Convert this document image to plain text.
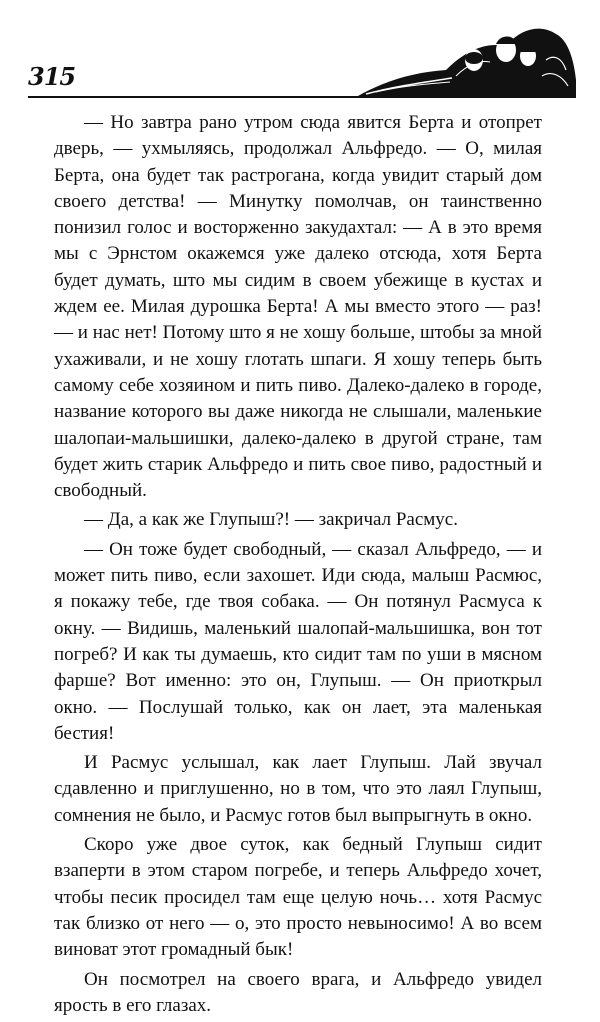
315

— Но завтра рано утром сюда явится Берта и отопрет дверь, — ухмыляясь, продолжал Альфредо. — О, милая Берта, она будет так растрогана, когда увидит старый дом своего детства! — Минутку помолчав, он таинственно понизил голос и восторженно закудахтал: — А в это время мы с Эрнстом окажемся уже далеко отсюда, хотя Берта будет думать, што мы сидим в своем убежище в кустах и ждем ее. Милая дурошка Берта! А мы вместо этого — раз! — и нас нет! Потому што я не хошу больше, штобы за мной ухаживали, и не хошу глотать шпаги. Я хошу теперь быть самому себе хозяином и пить пиво. Далеко-далеко в городе, название которого вы даже никогда не слышали, маленькие шалопаи-мальшишки, далеко-далеко в другой стране, там будет жить старик Альфредо и пить свое пиво, радостный и свободный.

— Да, а как же Глупыш?! — закричал Расмус.

— Он тоже будет свободный, — сказал Альфредо, — и может пить пиво, если захошет. Иди сюда, малыш Расмюс, я покажу тебе, где твоя собака. — Он потянул Расмуса к окну. — Видишь, маленький шалопай-мальшишка, вон тот погреб? И как ты думаешь, кто сидит там по уши в мясном фарше? Вот именно: это он, Глупыш. — Он приоткрыл окно. — Послушай только, как он лает, эта маленькая бестия!

И Расмус услышал, как лает Глупыш. Лай звучал сдавленно и приглушенно, но в том, что это лаял Глупыш, сомнения не было, и Расмус готов был выпрыгнуть в окно.

Скоро уже двое суток, как бедный Глупыш сидит взаперти в этом старом погребе, и теперь Альфредо хочет, чтобы песик просидел там еще целую ночь… хотя Расмус так близко от него — о, это просто невыносимо! А во всем виноват этот громадный бык!

Он посмотрел на своего врага, и Альфредо увидел ярость в его глазах.
